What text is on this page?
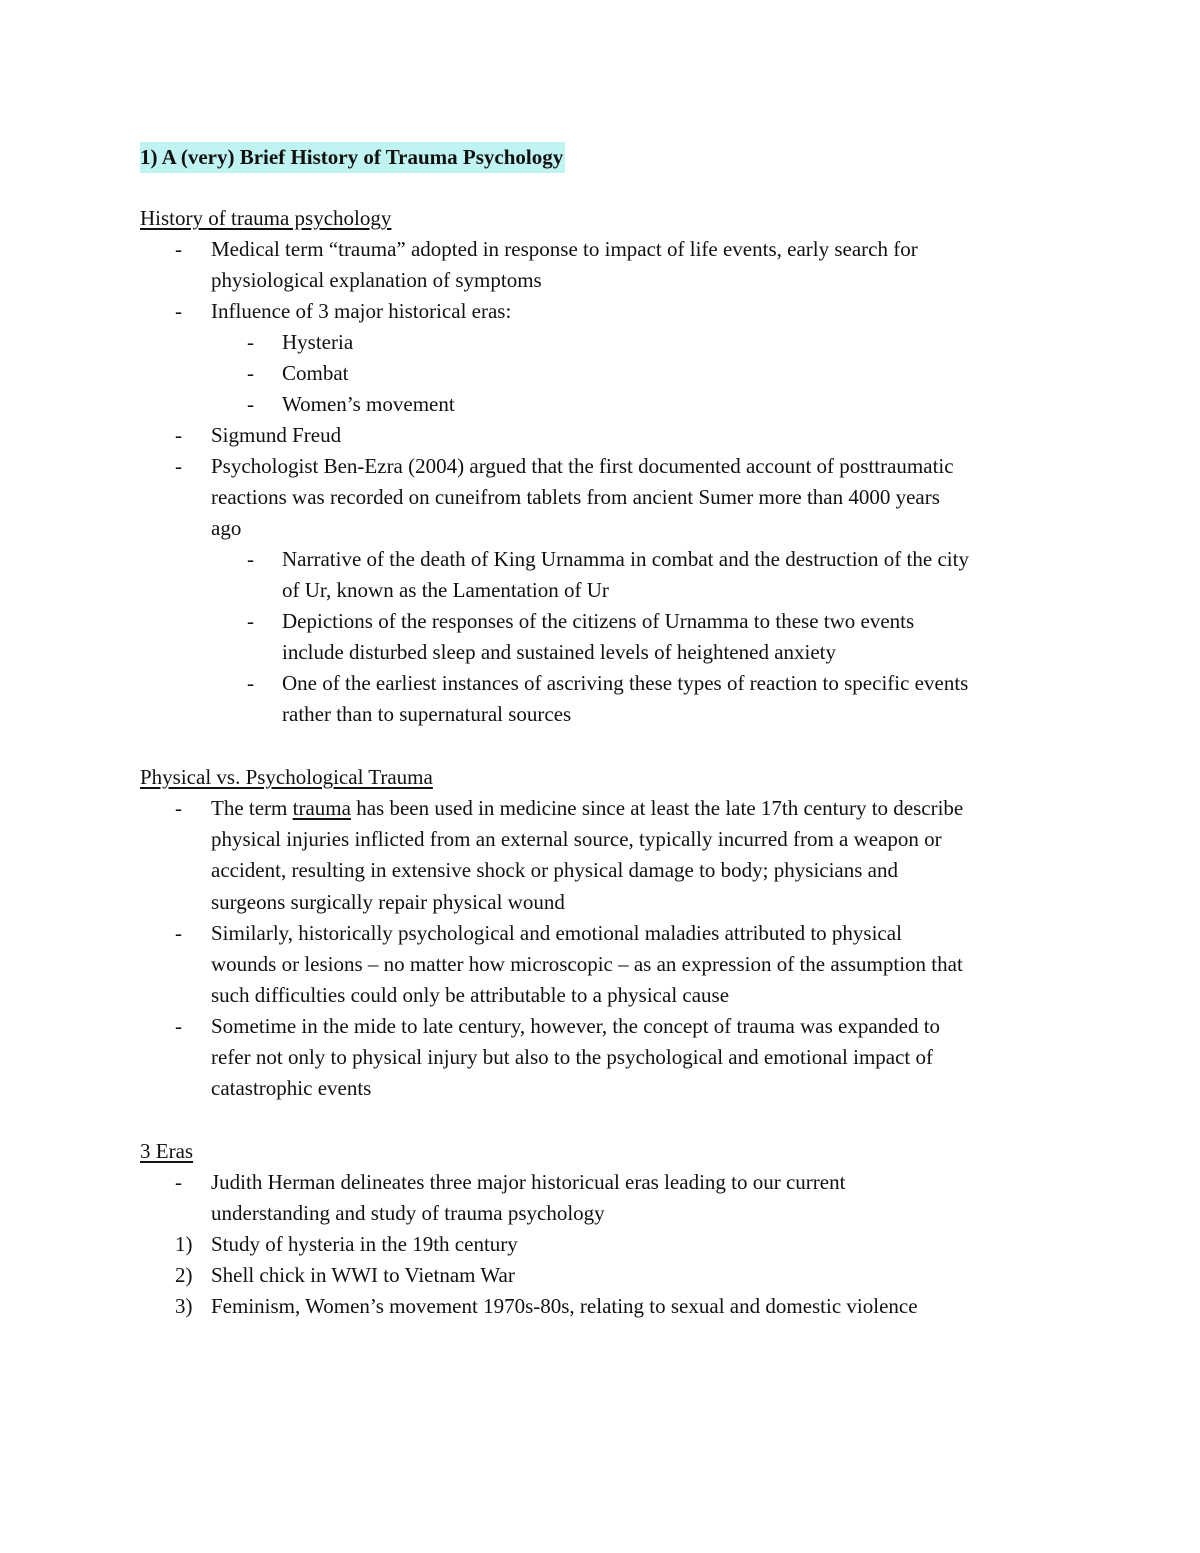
1) A (very) Brief History of Trauma Psychology
History of trauma psychology
- Medical term “trauma” adopted in response to impact of life events, early search for
physiological explanation of symptoms
- Influence of 3 major historical eras:
- Hysteria
- Combat
- Women’s movement
- Sigmund Freud
- Psychologist Ben-Ezra (2004) argued that the first documented account of posttraumatic
reactions was recorded on cuneifrom tablets from ancient Sumer more than 4000 years
ago
- Narrative of the death of King Urnamma in combat and the destruction of the city
of Ur, known as the Lamentation of Ur
- Depictions of the responses of the citizens of Urnamma to these two events
include disturbed sleep and sustained levels of heightened anxiety
- One of the earliest instances of ascriving these types of reaction to specific events
rather than to supernatural sources
Physical vs. Psychological Trauma
- The term trauma has been used in medicine since at least the late 17th century to describe
physical injuries inflicted from an external source, typically incurred from a weapon or
accident, resulting in extensive shock or physical damage to body; physicians and
surgeons surgically repair physical wound
- Similarly, historically psychological and emotional maladies attributed to physical
wounds or lesions – no matter how microscopic – as an expression of the assumption that
such difficulties could only be attributable to a physical cause
- Sometime in the mide to late century, however, the concept of trauma was expanded to
refer not only to physical injury but also to the psychological and emotional impact of
catastrophic events
3 Eras
- Judith Herman delineates three major historicual eras leading to our current
understanding and study of trauma psychology
1) Study of hysteria in the 19th century
2) Shell chick in WWI to Vietnam War
3) Feminism, Women’s movement 1970s-80s, relating to sexual and domestic violence
